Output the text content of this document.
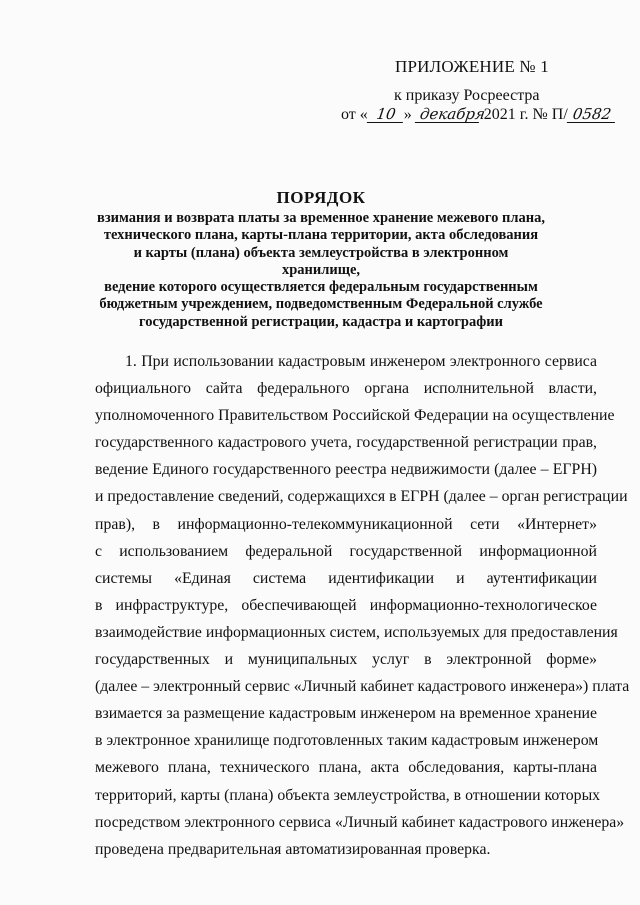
ПРИЛОЖЕНИЕ № 1
к приказу Росреестра
от « 10 » декабря 2021 г. № П/ 0582
ПОРЯДОК
взимания и возврата платы за временное хранение межевого плана,
технического плана, карты-плана территории, акта обследования
и карты (плана) объекта землеустройства в электронном хранилище,
ведение которого осуществляется федеральным государственным
бюджетным учреждением, подведомственным Федеральной службе
государственной регистрации, кадастра и картографии
1. При использовании кадастровым инженером электронного сервиса
официального сайта федерального органа исполнительной власти,
уполномоченного Правительством Российской Федерации на осуществление
государственного кадастрового учета, государственной регистрации прав,
ведение Единого государственного реестра недвижимости (далее – ЕГРН)
и предоставление сведений, содержащихся в ЕГРН (далее – орган регистрации
прав), в информационно-телекоммуникационной сети «Интернет»
с использованием федеральной государственной информационной
системы «Единая система идентификации и аутентификации
в инфраструктуре, обеспечивающей информационно-технологическое
взаимодействие информационных систем, используемых для предоставления
государственных и муниципальных услуг в электронной форме»
(далее – электронный сервис «Личный кабинет кадастрового инженера») плата
взимается за размещение кадастровым инженером на временное хранение
в электронное хранилище подготовленных таким кадастровым инженером
межевого плана, технического плана, акта обследования, карты-плана
территорий, карты (плана) объекта землеустройства, в отношении которых
посредством электронного сервиса «Личный кабинет кадастрового инженера»
проведена предварительная автоматизированная проверка.
